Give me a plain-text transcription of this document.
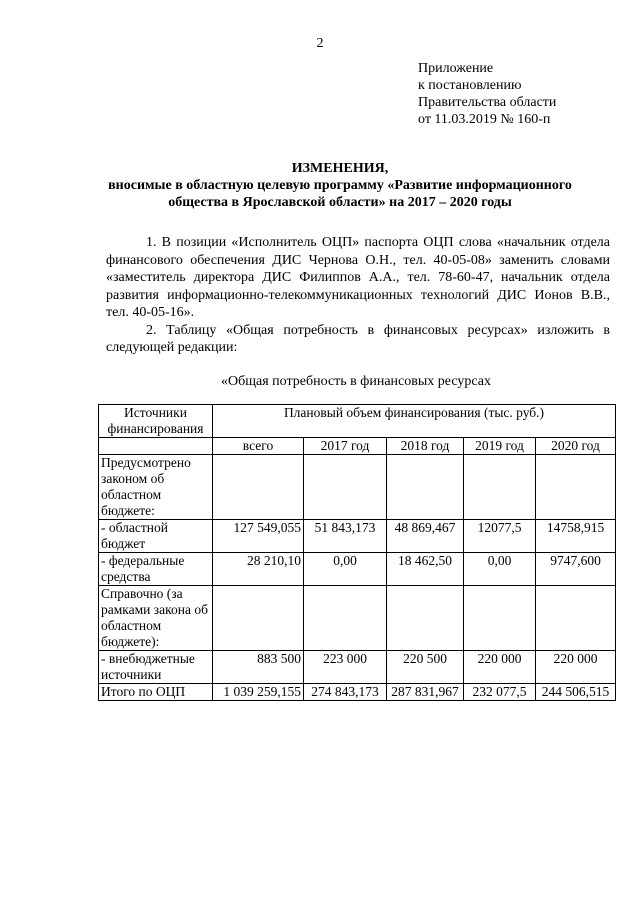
2
Приложение
к постановлению
Правительства области
от 11.03.2019 № 160-п
ИЗМЕНЕНИЯ,
вносимые в областную целевую программу «Развитие информационного
общества в Ярославской области» на 2017 – 2020 годы

1. В позиции «Исполнитель ОЦП» паспорта ОЦП слова «начальник отдела финансового обеспечения ДИС Чернова О.Н., тел. 40-05-08» заменить словами «заместитель директора ДИС Филиппов А.А., тел. 78-60-47, начальник отдела развития информационно-телекоммуникационных технологий ДИС Ионов В.В., тел. 40-05-16».

2. Таблицу «Общая потребность в финансовых ресурсах» изложить в следующей редакции:

«Общая потребность в финансовых ресурсах
Источники финансирования	Плановый объем финансирования (тыс. руб.)				
	всего	2017 год	2018 год	2019 год	2020 год
Предусмотрено законом об областном бюджете:					
- областной бюджет	127 549,055	51 843,173	48 869,467	12077,5	14758,915
- федеральные средства	28 210,10	0,00	18 462,50	0,00	9747,600
Справочно (за рамками закона об областном бюджете):					
- внебюджетные источники	883 500	223 000	220 500	220 000	220 000
Итого по ОЦП	1 039 259,155	274 843,173	287 831,967	232 077,5	244 506,515
